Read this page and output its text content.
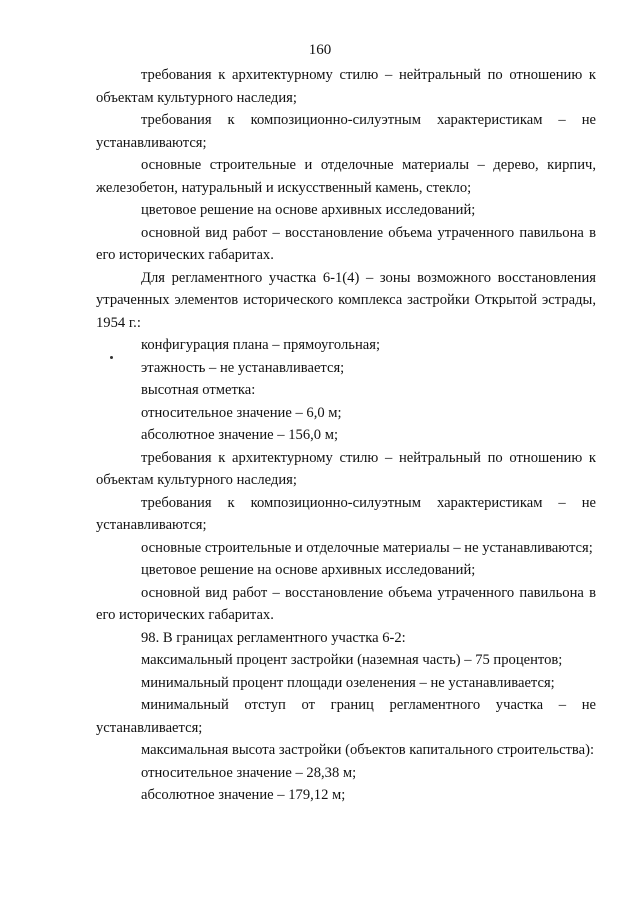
160

требования к архитектурному стилю – нейтральный по отношению к объектам культурного наследия;

требования к композиционно-силуэтным характеристикам – не устанавливаются;

основные строительные и отделочные материалы – дерево, кирпич, железобетон, натуральный и искусственный камень, стекло;

цветовое решение на основе архивных исследований;

основной вид работ – восстановление объема утраченного павильона в его исторических габаритах.

Для регламентного участка 6-1(4) – зоны возможного восстановления утраченных элементов исторического комплекса застройки Открытой эстрады, 1954 г.:

конфигурация плана – прямоугольная;

этажность – не устанавливается;

высотная отметка:

относительное значение – 6,0 м;

абсолютное значение – 156,0 м;

требования к архитектурному стилю – нейтральный по отношению к объектам культурного наследия;

требования к композиционно-силуэтным характеристикам – не устанавливаются;

основные строительные и отделочные материалы – не устанавливаются;

цветовое решение на основе архивных исследований;

основной вид работ – восстановление объема утраченного павильона в его исторических габаритах.

98. В границах регламентного участка 6-2:

максимальный процент застройки (наземная часть) – 75 процентов;

минимальный процент площади озеленения – не устанавливается;

минимальный отступ от границ регламентного участка – не устанавливается;

максимальная высота застройки (объектов капитального строительства):

относительное значение – 28,38 м;

абсолютное значение – 179,12 м;
